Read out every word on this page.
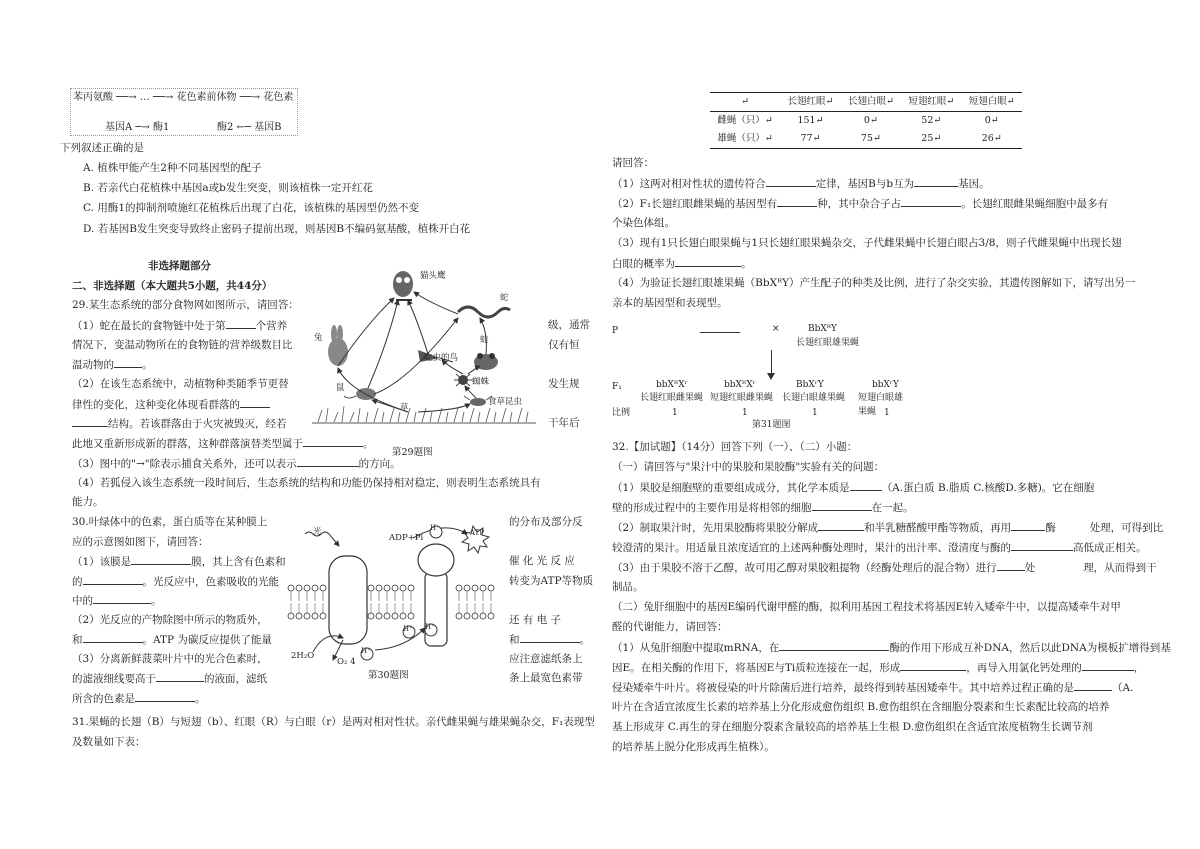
苯丙氨酸 ──→ … ──→ 花色素前体物 ──→ 花色素
基因A ─→ 酶1               酶2 ←─ 基因B
下列叙述正确的是
A. 植株甲能产生2种不同基因型的配子
B. 若亲代白花植株中基因a或b发生突变，则该植株一定开红花
C. 用酶1的抑制剂喷施红花植株后出现了白花，该植株的基因型仍然不变
D. 若基因B发生突变导致终止密码子提前出现，则基因B不编码氨基酸，植株开白花
非选择题部分
二、非选择题（本大题共5小题，共44分）
29.某生态系统的部分食物网如图所示，请回答：
（1）蛇在最长的食物链中处于第	个营养	级，通常
情况下，变温动物所在的食物链的营养级数目比	仅有恒
温动物的	。
（2）在该生态系统中，动植物种类随季节更替	发生规
律性的变化，这种变化体现看群落的
结构。若该群落由于火灾被毁灭，经若	干年后
此地又重新形成新的群落，这种群落演替类型属于	。
（3）图中的"→"除表示捕食关系外，还可以表示	的方向。
（4）若狐侵入该生态系统一段时间后，生态系统的结构和功能仍保持相对稳定，则表明生态系统具有
能力。
猫头鹰
蛇
兔
吃虫的鸟
蛙
鼠
蜘蛛
食草昆虫
草
第29题图
30.叶绿体中的色素，蛋白质等在某种膜上	的分布及部分反
应的示意图如图下，请回答：
（1）该膜是	膜，其上含有色素和	催 化 光 反 应
的	。光反应中，色素吸收的光能	转变为ATP等物质
中的	。
（2）光反应的产物除图中所示的物质外，	还 有 电 子
和	。ATP 为碳反应提供了能量	和	。
（3）分离新鲜菠菜叶片中的光合色素时，	应注意滤纸条上
的滤液细线要高于	的液面，滤纸	条上最宽色素带
所含的色素是	。
光
ADP+Pi	ATP
H⁺
H⁺ H⁺
H⁺
2H₂O
O₂ 4
第30题图
31.果蝇的长翅（B）与短翅（b）、红眼（R）与白眼（r）是两对相对性状。亲代雌果蝇与雄果蝇杂交，F₁表现型
及数量如下表：
↵	长翅红眼↵	长翅白眼↵	短翅红眼↵	短翅白眼↵
雌蝇（只）↵	151↵	0↵	52↵	0↵
雄蝇（只）↵	77↵	75↵	25↵	26↵
请回答：
（1）这两对相对性状的遗传符合	定律，基因B与b互为	基因。
（2）F₁长翅红眼雌果蝇的基因型有	种，其中杂合子占	。长翅红眼雌果蝇细胞中最多有
个染色体组。
（3）现有1只长翅白眼果蝇与1只长翅红眼果蝇杂交，子代雌果蝇中长翅白眼占3/8，则子代雌果蝇中出现长翅
白眼的概率为	。
（4）为验证长翅红眼雄果蝇（BbXᴿY）产生配子的种类及比例，进行了杂交实验，其遗传图解如下，请写出另一
亲本的基因型和表现型。
P	×	BbXᴿY
长翅红眼雄果蝇
F₁	bbXᴿXʳ	bbXᴿXʳ	BbXʳY	bbXʳY
长翅红眼雌果蝇 短翅红眼雌果蝇 长翅白眼雄果蝇 短翅白眼雄果蝇
比例	1	1	1	1
第31题图
32.【加试题】（14分）回答下列（一）、（二）小题：
（一）请回答与"果汁中的果胶和果胶酶"实验有关的问题：
（1）果胶是细胞壁的重要组成成分，其化学本质是	（A.蛋白质 B.脂质 C.核酸D.多糖)。它在细胞
壁的形成过程中的主要作用是将相邻的细胞	在一起。
（2）制取果汁时，先用果胶酶将果胶分解成	和半乳糖醛酸甲酯等物质，再用	酶	处理，可得到比
较澄清的果汁。用适量且浓度适宜的上述两种酶处理时，果汁的出汁率、澄清度与酶的	高低成正相关。
（3）由于果胶不溶于乙醇，故可用乙醇对果胶粗提物（经酶处理后的混合物）进行	处	理，从而得到干
制品。
（二）兔肝细胞中的基因E编码代谢甲醛的酶，拟利用基因工程技术将基因E转入矮牵牛中，以提高矮牵牛对甲
醛的代谢能力，请回答：
（1）从兔肝细胞中提取mRNA，在	酶的作用下形成互补DNA，然后以此DNA为模板扩增得到基
因E。在相关酶的作用下，将基因E与Ti质粒连接在一起，形成	，再导入用氯化钙处理的	，
侵染矮牵牛叶片。将被侵染的叶片除菌后进行培养，最终得到转基因矮牵牛。其中培养过程正确的是	（A.
叶片在含适宜浓度生长素的培养基上分化形成愈伤组织 B.愈伤组织在含细胞分裂素和生长素配比较高的培养
基上形成芽 C.再生的芽在细胞分裂素含量较高的培养基上生根 D.愈伤组织在含适宜浓度植物生长调节剂
的培养基上脱分化形成再生植株）。
